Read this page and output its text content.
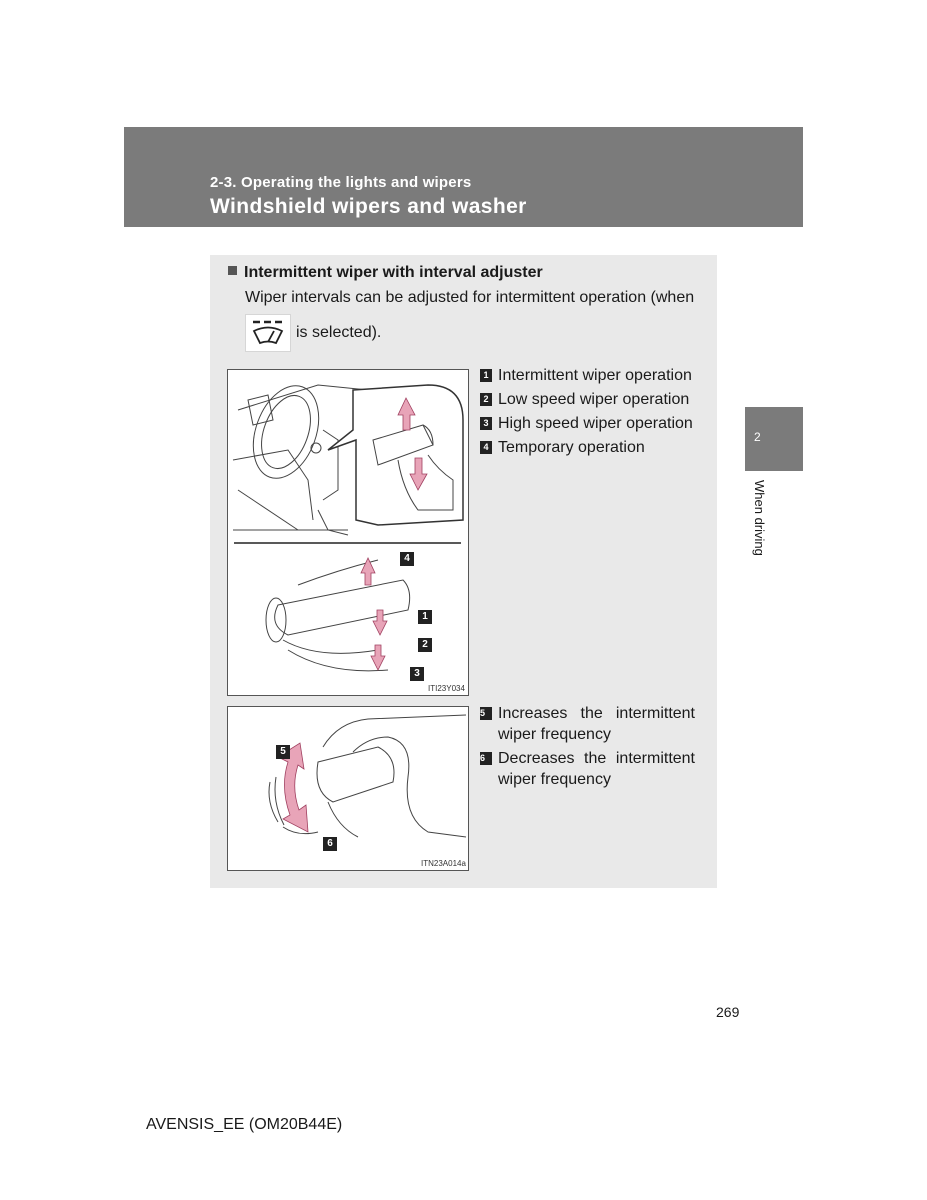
2-3. Operating the lights and wipers
Windshield wipers and washer
2
When driving
Intermittent wiper with interval adjuster
Wiper intervals can be adjusted for intermittent operation (when
is selected).
4
1
2
3
ITI23Y034
1 Intermittent wiper operation
2 Low speed wiper operation
3 High speed wiper operation
4 Temporary operation
5
6
ITN23A014a
5 Increases the intermittent wiper frequency
6 Decreases the intermittent wiper frequency
269
AVENSIS_EE (OM20B44E)
